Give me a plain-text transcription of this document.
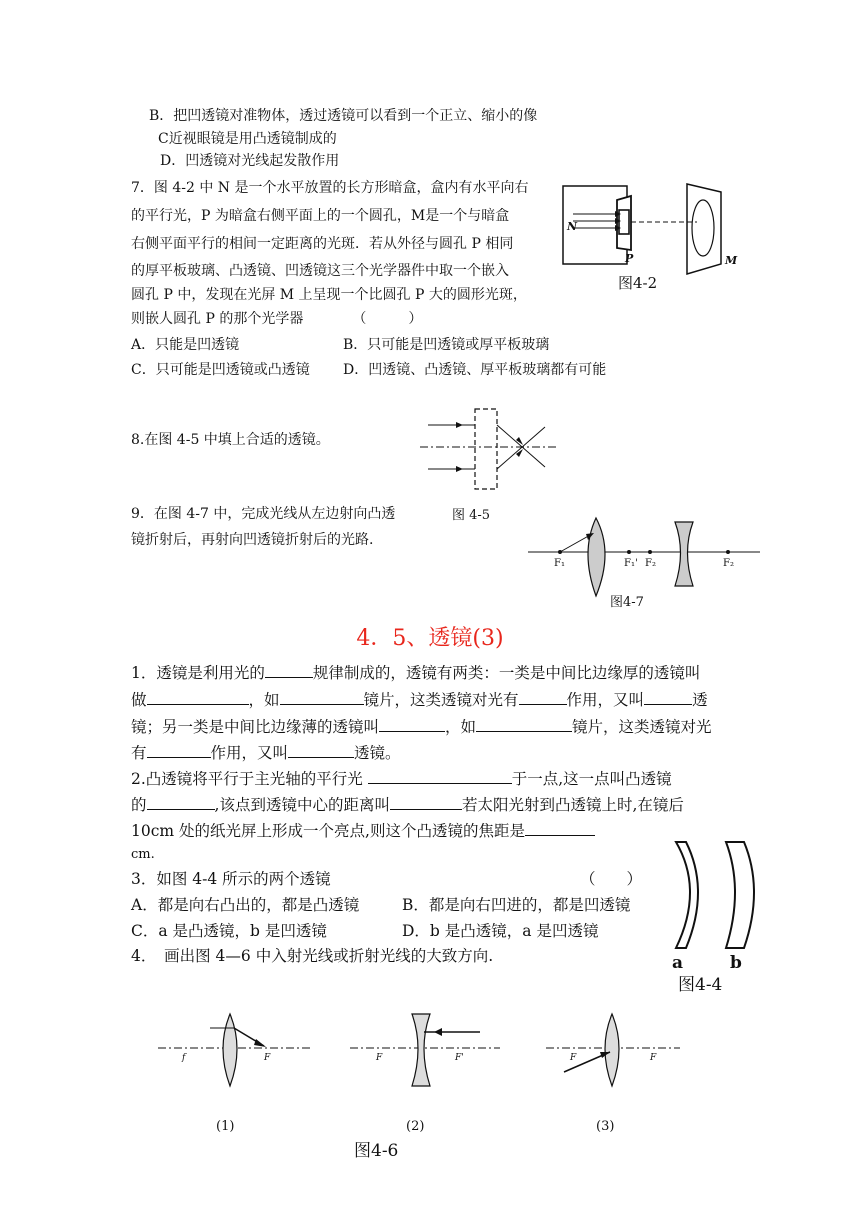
B．把凹透镜对准物体，透过透镜可以看到一个正立、缩小的像
C近视眼镜是用凸透镜制成的
D．凹透镜对光线起发散作用
7．图 4-2 中 N 是一个水平放置的长方形暗盒，盒内有水平向右
的平行光，P 为暗盒右侧平面上的一个圆孔，M是一个与暗盒
右侧平面平行的相间一定距离的光斑．若从外径与圆孔 P 相同
的厚平板玻璃、凸透镜、凹透镜这三个光学器件中取一个嵌入
圆孔 P 中，发现在光屏 M 上呈现一个比圆孔 P 大的圆形光斑，
则嵌人圆孔 P 的那个光学器　　　　（　　　）
A．只能是凹透镜	B．只可能是凹透镜或厚平板玻璃
C．只可能是凹透镜或凸透镜 D．凹透镜、凸透镜、厚平板玻璃都有可能
N
P	M
图4-2
8.在图 4-5 中填上合适的透镜。
图 4-5
9．在图 4-7 中，完成光线从左边射向凸透
镜折射后，再射向凹透镜折射后的光路.
F₁	F₁' F₂	F₂
图4-7
4．5、透镜(3)
1．透镜是利用光的	规律制成的，透镜有两类：一类是中间比边缘厚的透镜叫
做	，如	镜片，这类透镜对光有	作用，又叫	透
镜；另一类是中间比边缘薄的透镜叫	，如	镜片，这类透镜对光
有	作用，又叫	透镜。
2.凸透镜将平行于主光轴的平行光	于一点,这一点叫凸透镜
的	,该点到透镜中心的距离叫	若太阳光射到凸透镜上时,在镜后
10cm 处的纸光屏上形成一个亮点,则这个凸透镜的焦距是
cm.
3．如图 4-4 所示的两个透镜	（　　）
A．都是向右凸出的，都是凸透镜	B．都是向右凹进的，都是凹透镜
C．a 是凸透镜，b 是凹透镜	D．b 是凸透镜，a 是凹透镜
a	b
图4-4
4．　画出图 4—6 中入射光线或折射光线的大致方向.
f	F
(1)
F	F'
(2)
F	F
(3)
图4-6
